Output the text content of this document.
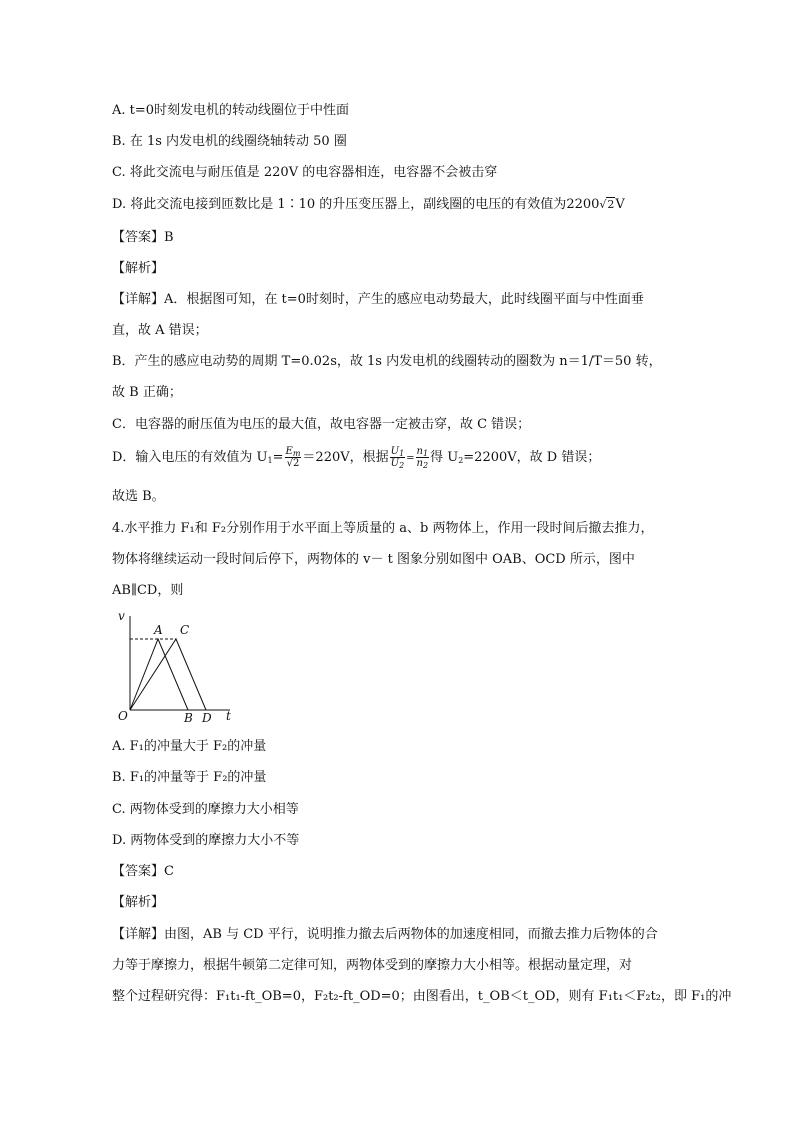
A. t=0时刻发电机的转动线圈位于中性面
B. 在 1s 内发电机的线圈绕轴转动 50 圈
C. 将此交流电与耐压值是 220V 的电容器相连，电容器不会被击穿
D. 将此交流电接到匝数比是 1∶10 的升压变压器上，副线圈的电压的有效值为2200√2V
【答案】B
【解析】
【详解】A．根据图可知，在 t=0时刻时，产生的感应电动势最大，此时线圈平面与中性面垂
直，故 A 错误；
B．产生的感应电动势的周期 T=0.02s，故 1s 内发电机的线圈转动的圈数为 n＝1/T＝50 转，
故 B 正确；
C．电容器的耐压值为电压的最大值，故电容器一定被击穿，故 C 错误；
D．输入电压的有效值为 $U_1= \frac{E_m}{√2} =220V$，根据 $\frac{U_1}{U_2} = \frac{n_1}{n_2}$ 得 $U_2=2200V$，故 D 错误；
故选 B。
4.水平推力 F₁和 F₂分别作用于水平面上等质量的 a、b 两物体上，作用一段时间后撤去推力，
物体将继续运动一段时间后停下，两物体的 v－ t 图象分别如图中 OAB、OCD 所示，图中
AB∥CD，则
v
t
O
A C
B D
A. F₁的冲量大于 F₂的冲量
B. F₁的冲量等于 F₂的冲量
C. 两物体受到的摩擦力大小相等
D. 两物体受到的摩擦力大小不等
【答案】C
【解析】
【详解】由图，AB 与 CD 平行，说明推力撤去后两物体的加速度相同，而撤去推力后物体的合
力等于摩擦力，根据牛顿第二定律可知，两物体受到的摩擦力大小相等。根据动量定理，对
整个过程研究得：F₁t₁-ft_OB=0，F₂t₂-ft_OD=0；由图看出，t_OB＜t_OD，则有 F₁t₁＜F₂t₂，即 F₁的冲
